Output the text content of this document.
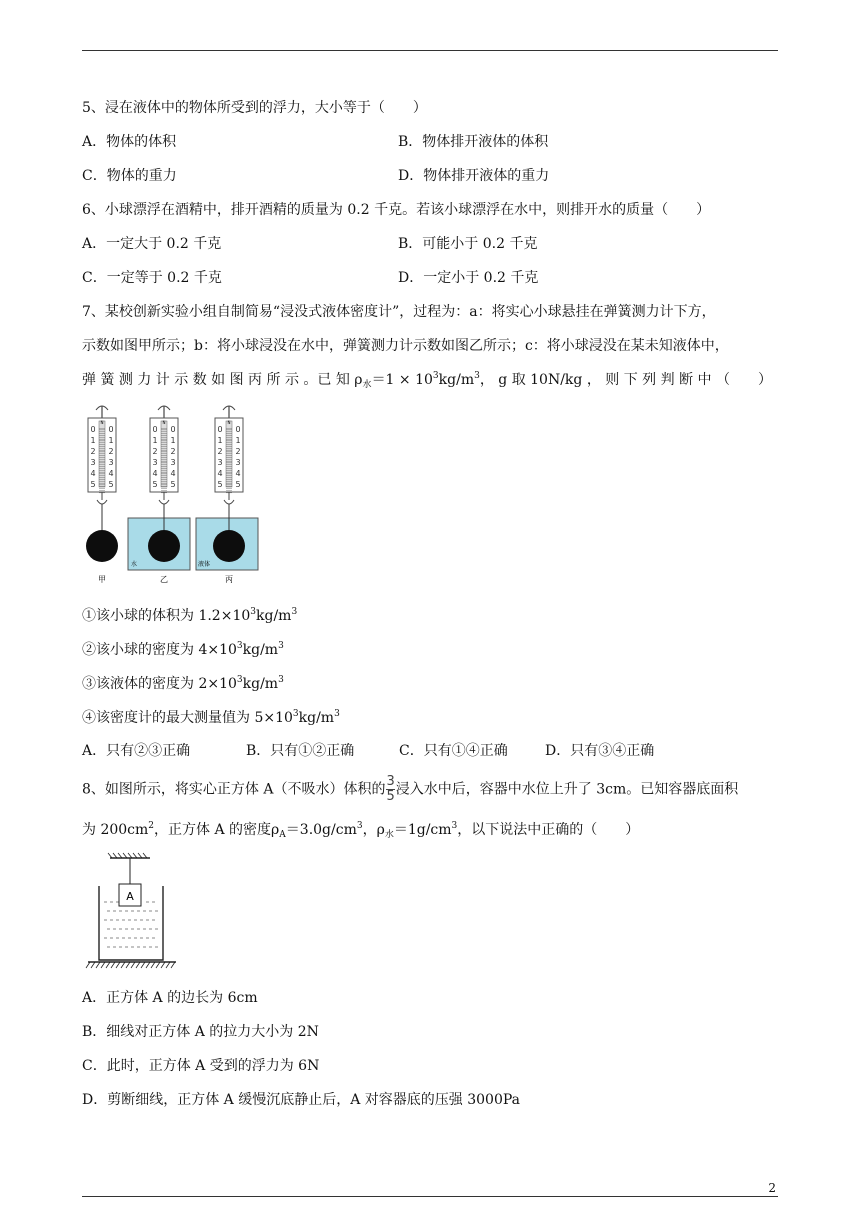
5、浸在液体中的物体所受到的浮力，大小等于（　　）
A．物体的体积	B．物体排开液体的体积
C．物体的重力	D．物体排开液体的重力
6、小球漂浮在酒精中，排开酒精的质量为 0.2 千克。若该小球漂浮在水中，则排开水的质量（　　）
A．一定大于 0.2 千克	B．可能小于 0.2 千克
C．一定等于 0.2 千克	D．一定小于 0.2 千克
7、某校创新实验小组自制简易“浸没式液体密度计”，过程为：a：将实心小球悬挂在弹簧测力计下方，
示数如图甲所示；b：将小球浸没在水中，弹簧测力计示数如图乙所示；c：将小球浸没在某未知液体中，
弹 簧 测 力 计 示 数 如 图 丙 所 示 。已 知 $\rho_水=1 \times 10^3kg/m^3$， g 取 10N/kg ， 则 下 列 判 断 中 （　　）
甲
水
乙
液体
丙
N
0 0
1 1
2 2
3 3
4 4
5 5
N
0 0
1 1
2 2
3 3
4 4
5 5
N
0 0
1 1
2 2
3 3
4 4
5 5
①该小球的体积为 $1.2\times 10^3kg/m^3$
②该小球的密度为 $4\times 10^3kg/m^3$
③该液体的密度为 $2\times 10^3kg/m^3$
④该密度计的最大测量值为 $5\times 10^3kg/m^3$
A．只有②③正确	B．只有①②正确	C．只有①④正确	D．只有③④正确
8、如图所示，将实心正方体 A（不吸水）体积的 $\frac{3}{5}$ 浸入水中后，容器中水位上升了 3cm。已知容器底面积
为 $200cm^2$，正方体 A 的密度$\rho_A=3.0g/cm^3$，$\rho_水=1g/cm^3$，以下说法中正确的（　　）
A
A．正方体 A 的边长为 6cm
B．细线对正方体 A 的拉力大小为 2N
C．此时，正方体 A 受到的浮力为 6N
D．剪断细线，正方体 A 缓慢沉底静止后，A 对容器底的压强 3000Pa
2
